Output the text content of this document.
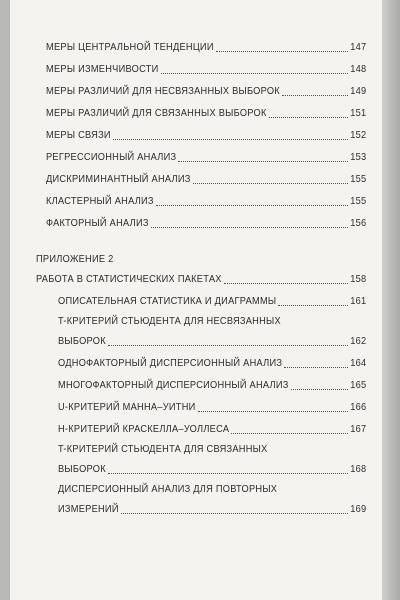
МЕРЫ ЦЕНТРАЛЬНОЙ ТЕНДЕНЦИИ	147
МЕРЫ ИЗМЕНЧИВОСТИ	148
МЕРЫ РАЗЛИЧИЙ ДЛЯ НЕСВЯЗАННЫХ ВЫБОРОК	149
МЕРЫ РАЗЛИЧИЙ ДЛЯ СВЯЗАННЫХ ВЫБОРОК	151
МЕРЫ СВЯЗИ	152
РЕГРЕССИОННЫЙ АНАЛИЗ	153
ДИСКРИМИНАНТНЫЙ АНАЛИЗ	155
КЛАСТЕРНЫЙ АНАЛИЗ	155
ФАКТОРНЫЙ АНАЛИЗ	156
ПРИЛОЖЕНИЕ 2
РАБОТА В СТАТИСТИЧЕСКИХ ПАКЕТАХ	158
ОПИСАТЕЛЬНАЯ СТАТИСТИКА И ДИАГРАММЫ	161
T-КРИТЕРИЙ СТЬЮДЕНТА ДЛЯ НЕСВЯЗАННЫХ
ВЫБОРОК	162
ОДНОФАКТОРНЫЙ ДИСПЕРСИОННЫЙ АНАЛИЗ	164
МНОГОФАКТОРНЫЙ ДИСПЕРСИОННЫЙ АНАЛИЗ	165
U-КРИТЕРИЙ МАННА–УИТНИ	166
H-КРИТЕРИЙ КРАСКЕЛЛА–УОЛЛЕСА	167
T-КРИТЕРИЙ СТЬЮДЕНТА ДЛЯ СВЯЗАННЫХ
ВЫБОРОК	168
ДИСПЕРСИОННЫЙ АНАЛИЗ ДЛЯ ПОВТОРНЫХ
ИЗМЕРЕНИЙ	169
